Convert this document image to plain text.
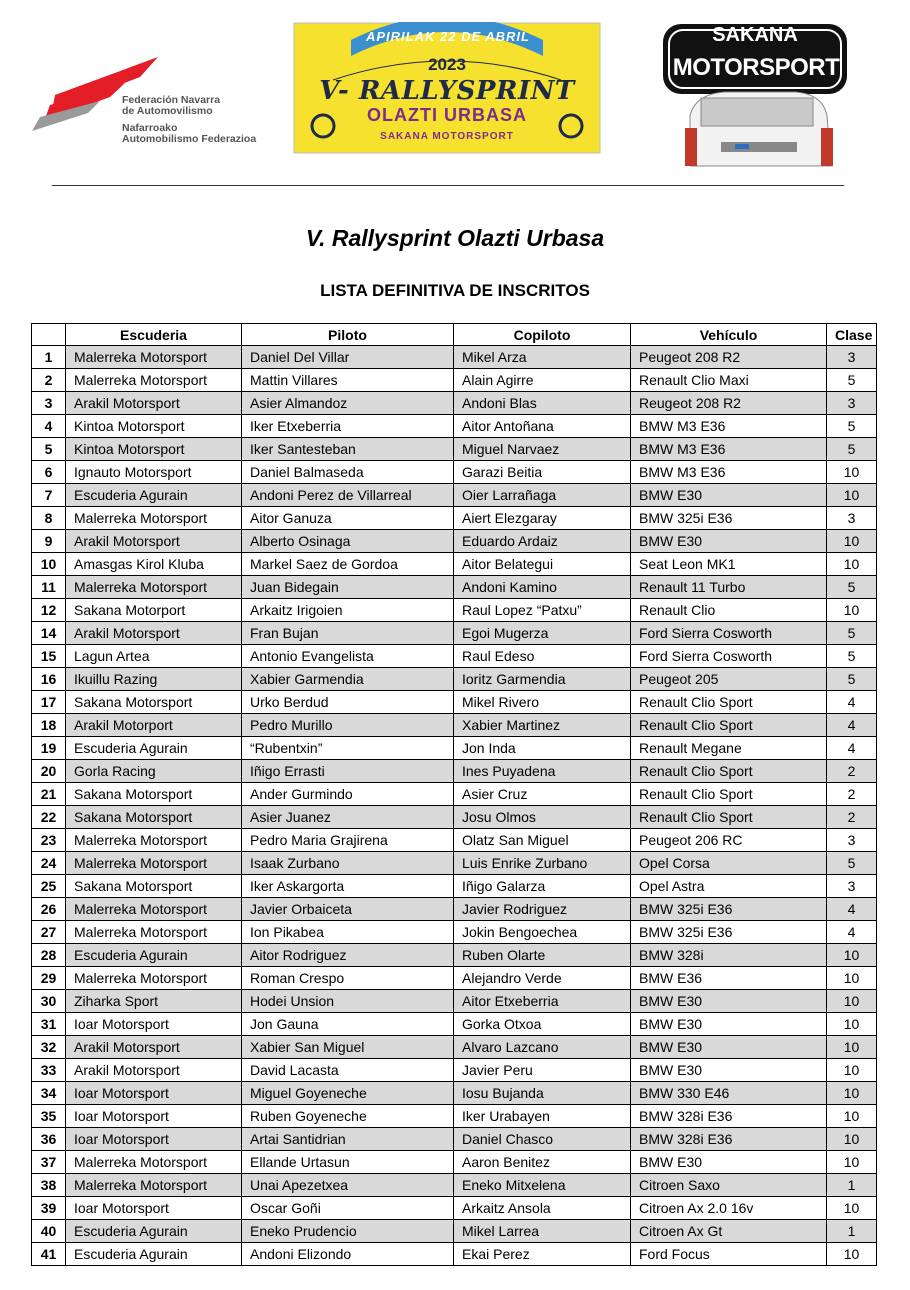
Federación Navarra
de Automovilismo
Nafarroako
Automobilismo Federazioa
APIRILAK 22 DE ABRIL
2023
V- RALLYSPRINT
OLAZTI URBASA
SAKANA MOTORSPORT
SAKANA
MOTORSPORT
V. Rallysprint Olazti Urbasa
LISTA DEFINITIVA DE INSCRITOS
	Escuderia	Piloto	Copiloto	Vehículo	Clase
1	Malerreka Motorsport	Daniel Del Villar	Mikel Arza	Peugeot 208 R2	3
2	Malerreka Motorsport	Mattin Villares	Alain Agirre	Renault Clio Maxi	5
3	Arakil Motorsport	Asier Almandoz	Andoni Blas	Reugeot 208 R2	3
4	Kintoa Motorsport	Iker Etxeberria	Aitor Antoñana	BMW M3 E36	5
5	Kintoa Motorsport	Iker Santesteban	Miguel Narvaez	BMW M3 E36	5
6	Ignauto Motorsport	Daniel Balmaseda	Garazi Beitia	BMW M3 E36	10
7	Escuderia Agurain	Andoni Perez de Villarreal	Oier Larrañaga	BMW E30	10
8	Malerreka Motorsport	Aitor Ganuza	Aiert Elezgaray	BMW 325i E36	3
9	Arakil Motorsport	Alberto Osinaga	Eduardo Ardaiz	BMW E30	10
10	Amasgas Kirol Kluba	Markel Saez de Gordoa	Aitor Belategui	Seat Leon MK1	10
11	Malerreka Motorsport	Juan Bidegain	Andoni Kamino	Renault 11 Turbo	5
12	Sakana Motorport	Arkaitz Irigoien	Raul Lopez “Patxu”	Renault Clio	10
14	Arakil Motorsport	Fran Bujan	Egoi Mugerza	Ford Sierra Cosworth	5
15	Lagun Artea	Antonio Evangelista	Raul Edeso	Ford Sierra Cosworth	5
16	Ikuillu Razing	Xabier Garmendia	Ioritz Garmendia	Peugeot 205	5
17	Sakana Motorsport	Urko Berdud	Mikel Rivero	Renault Clio Sport	4
18	Arakil Motorport	Pedro Murillo	Xabier Martinez	Renault Clio Sport	4
19	Escuderia Agurain	“Rubentxin”	Jon Inda	Renault Megane	4
20	Gorla Racing	Iñigo Errasti	Ines Puyadena	Renault Clio Sport	2
21	Sakana Motorsport	Ander Gurmindo	Asier Cruz	Renault Clio Sport	2
22	Sakana Motorsport	Asier Juanez	Josu Olmos	Renault Clio Sport	2
23	Malerreka Motorsport	Pedro Maria Grajirena	Olatz San Miguel	Peugeot 206 RC	3
24	Malerreka Motorsport	Isaak Zurbano	Luis Enrike Zurbano	Opel Corsa	5
25	Sakana Motorsport	Iker Askargorta	Iñigo Galarza	Opel Astra	3
26	Malerreka Motorsport	Javier Orbaiceta	Javier Rodriguez	BMW 325i E36	4
27	Malerreka Motorsport	Ion Pikabea	Jokin Bengoechea	BMW 325i E36	4
28	Escuderia Agurain	Aitor Rodriguez	Ruben Olarte	BMW 328i	10
29	Malerreka Motorsport	Roman Crespo	Alejandro Verde	BMW E36	10
30	Ziharka Sport	Hodei Unsion	Aitor Etxeberria	BMW E30	10
31	Ioar Motorsport	Jon Gauna	Gorka Otxoa	BMW E30	10
32	Arakil Motorsport	Xabier San Miguel	Alvaro Lazcano	BMW E30	10
33	Arakil Motorsport	David Lacasta	Javier Peru	BMW E30	10
34	Ioar Motorsport	Miguel Goyeneche	Iosu Bujanda	BMW 330 E46	10
35	Ioar Motorsport	Ruben Goyeneche	Iker Urabayen	BMW 328i E36	10
36	Ioar Motorsport	Artai Santidrian	Daniel Chasco	BMW 328i E36	10
37	Malerreka Motorsport	Ellande Urtasun	Aaron Benitez	BMW E30	10
38	Malerreka Motorsport	Unai Apezetxea	Eneko Mitxelena	Citroen Saxo	1
39	Ioar Motorsport	Oscar Goñi	Arkaitz Ansola	Citroen Ax 2.0 16v	10
40	Escuderia Agurain	Eneko Prudencio	Mikel Larrea	Citroen Ax Gt	1
41	Escuderia Agurain	Andoni Elizondo	Ekai Perez	Ford Focus	10
